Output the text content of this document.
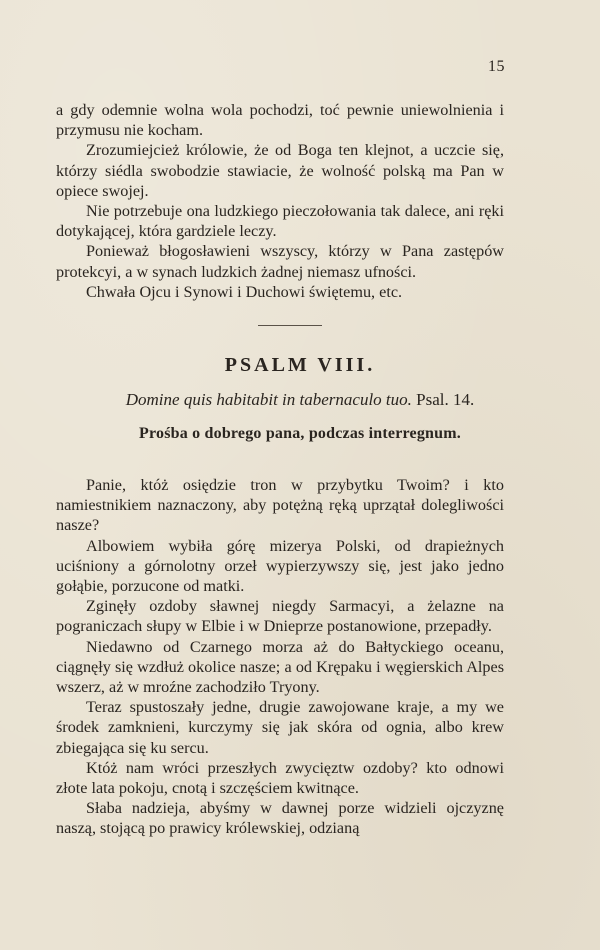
15

a gdy odemnie wolna wola pochodzi, toć pewnie uniewolnienia i przymusu nie kocham.

Zrozumiejcież królowie, że od Boga ten klejnot, a uczcie się, którzy siédla swobodzie stawiacie, że wolność polską ma Pan w opiece swojej.

Nie potrzebuje ona ludzkiego pieczołowania tak dalece, ani ręki dotykającej, która gardziele leczy.

Ponieważ błogosławieni wszyscy, którzy w Pana zastępów protekcyi, a w synach ludzkich żadnej niemasz ufności.

Chwała Ojcu i Synowi i Duchowi świętemu, etc.

PSALM VIII.
Domine quis habitabit in tabernaculo tuo. Psal. 14.
Prośba o dobrego pana, podczas interregnum.

Panie, któż osiędzie tron w przybytku Twoim? i kto namiestnikiem naznaczony, aby potężną ręką uprzątał dolegliwości nasze?

Albowiem wybiła górę mizerya Polski, od drapieżnych uciśniony a górnolotny orzeł wypierzywszy się, jest jako jedno gołąbie, porzucone od matki.

Zginęły ozdoby sławnej niegdy Sarmacyi, a żelazne na pograniczach słupy w Elbie i w Dnieprze postanowione, przepadły.

Niedawno od Czarnego morza aż do Bałtyckiego oceanu, ciągnęły się wzdłuż okolice nasze; a od Krępaku i węgierskich Alpes wszerz, aż w mroźne zachodziło Tryony.

Teraz spustoszały jedne, drugie zawojowane kraje, a my we środek zamknieni, kurczymy się jak skóra od ognia, albo krew zbiegająca się ku sercu.

Któż nam wróci przeszłych zwycięztw ozdoby? kto odnowi złote lata pokoju, cnotą i szczęściem kwitnące.

Słaba nadzieja, abyśmy w dawnej porze widzieli ojczyznę naszą, stojącą po prawicy królewskiej, odzianą
